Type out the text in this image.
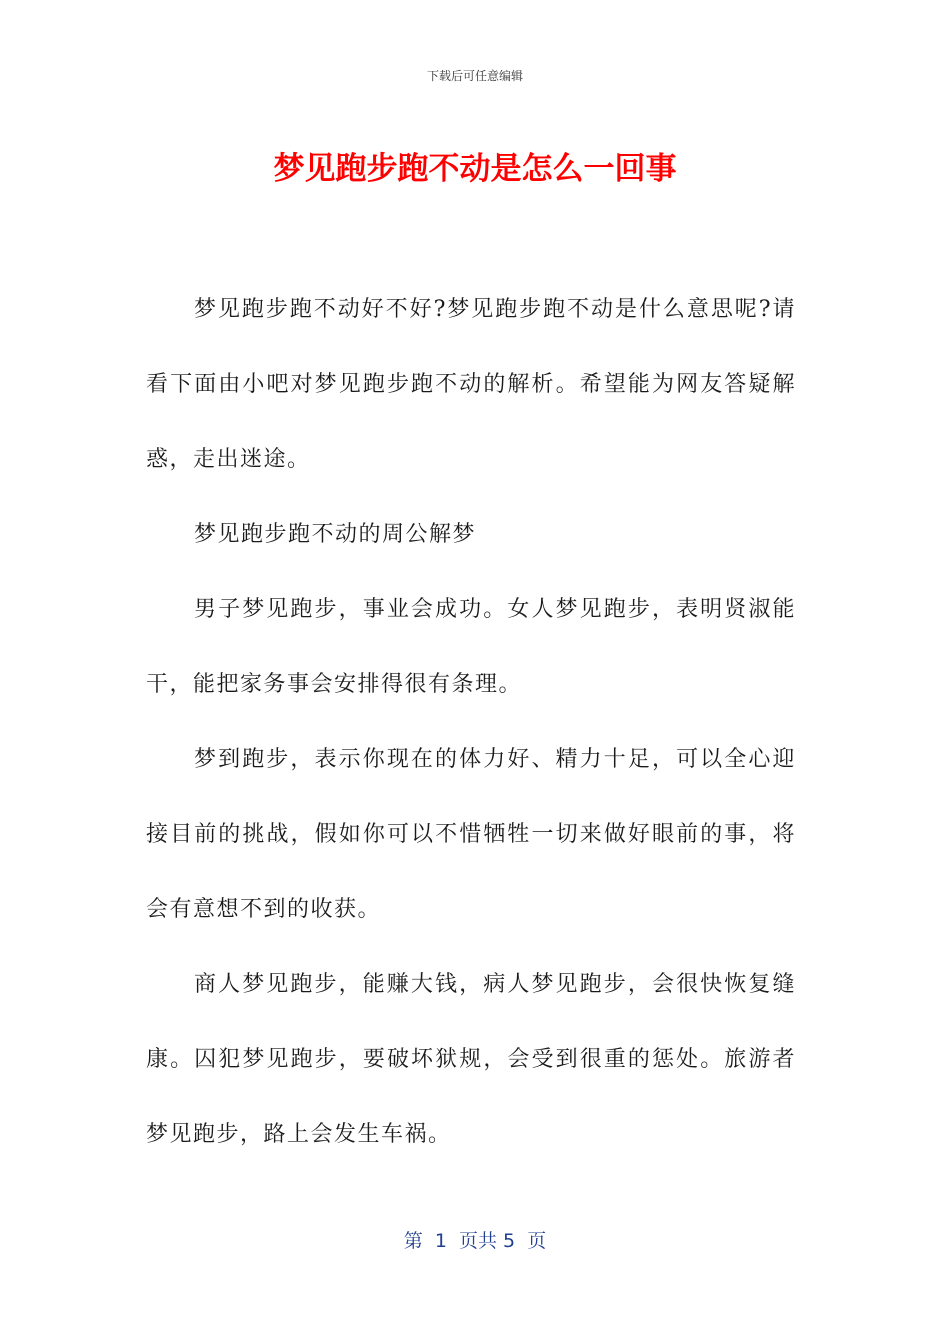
下载后可任意编辑
梦见跑步跑不动是怎么一回事

梦见跑步跑不动好不好?梦见跑步跑不动是什么意思呢?请看下面由小吧对梦见跑步跑不动的解析。希望能为网友答疑解惑，走出迷途。

梦见跑步跑不动的周公解梦

男子梦见跑步，事业会成功。女人梦见跑步，表明贤淑能干，能把家务事会安排得很有条理。

梦到跑步，表示你现在的体力好、精力十足，可以全心迎接目前的挑战，假如你可以不惜牺牲一切来做好眼前的事，将会有意想不到的收获。

商人梦见跑步，能赚大钱，病人梦见跑步，会很快恢复缝康。囚犯梦见跑步，要破坏狱规，会受到很重的惩处。旅游者梦见跑步，路上会发生车祸。

第  1  页共 5  页
